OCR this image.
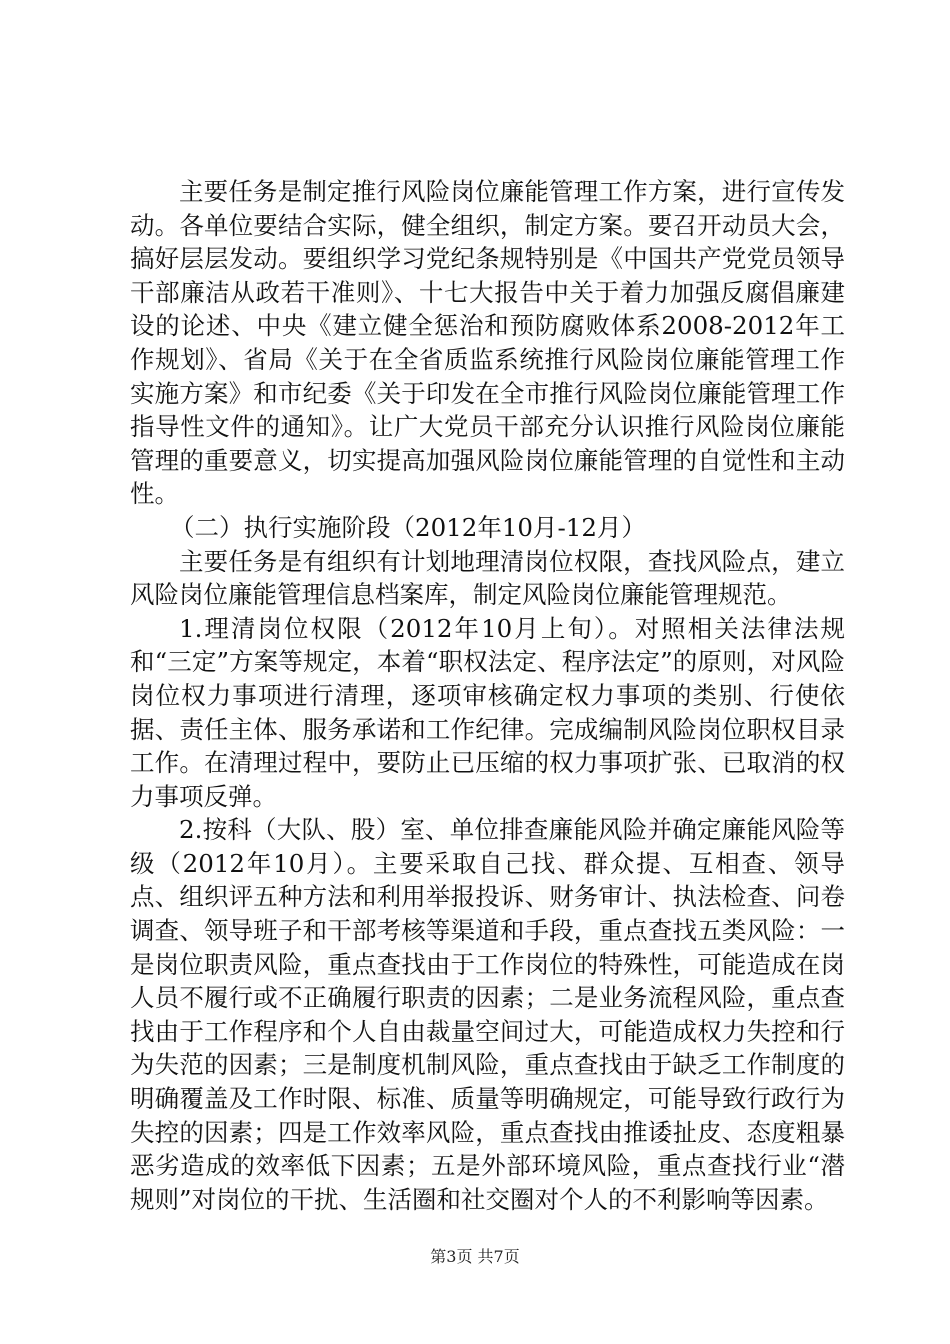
主要任务是制定推行风险岗位廉能管理工作方案，进行宣传发动。各单位要结合实际，健全组织，制定方案。要召开动员大会，搞好层层发动。要组织学习党纪条规特别是《中国共产党党员领导干部廉洁从政若干准则》、十七大报告中关于着力加强反腐倡廉建设的论述、中央《建立健全惩治和预防腐败体系2008-2012年工作规划》、省局《关于在全省质监系统推行风险岗位廉能管理工作实施方案》和市纪委《关于印发在全市推行风险岗位廉能管理工作指导性文件的通知》。让广大党员干部充分认识推行风险岗位廉能管理的重要意义，切实提高加强风险岗位廉能管理的自觉性和主动性。

（二）执行实施阶段（2012年10月-12月）

主要任务是有组织有计划地理清岗位权限，查找风险点，建立风险岗位廉能管理信息档案库，制定风险岗位廉能管理规范。

1.理清岗位权限（2012年10月上旬）。对照相关法律法规和“三定”方案等规定，本着“职权法定、程序法定”的原则，对风险岗位权力事项进行清理，逐项审核确定权力事项的类别、行使依据、责任主体、服务承诺和工作纪律。完成编制风险岗位职权目录工作。在清理过程中，要防止已压缩的权力事项扩张、已取消的权力事项反弹。

2.按科（大队、股）室、单位排查廉能风险并确定廉能风险等级（2012年10月）。主要采取自己找、群众提、互相查、领导点、组织评五种方法和利用举报投诉、财务审计、执法检查、问卷调查、领导班子和干部考核等渠道和手段，重点查找五类风险：一是岗位职责风险，重点查找由于工作岗位的特殊性，可能造成在岗人员不履行或不正确履行职责的因素；二是业务流程风险，重点查找由于工作程序和个人自由裁量空间过大，可能造成权力失控和行为失范的因素；三是制度机制风险，重点查找由于缺乏工作制度的明确覆盖及工作时限、标准、质量等明确规定，可能导致行政行为失控的因素；四是工作效率风险，重点查找由推诿扯皮、态度粗暴恶劣造成的效率低下因素；五是外部环境风险，重点查找行业“潜规则”对岗位的干扰、生活圈和社交圈对个人的不利影响等因素。

第3页 共7页
